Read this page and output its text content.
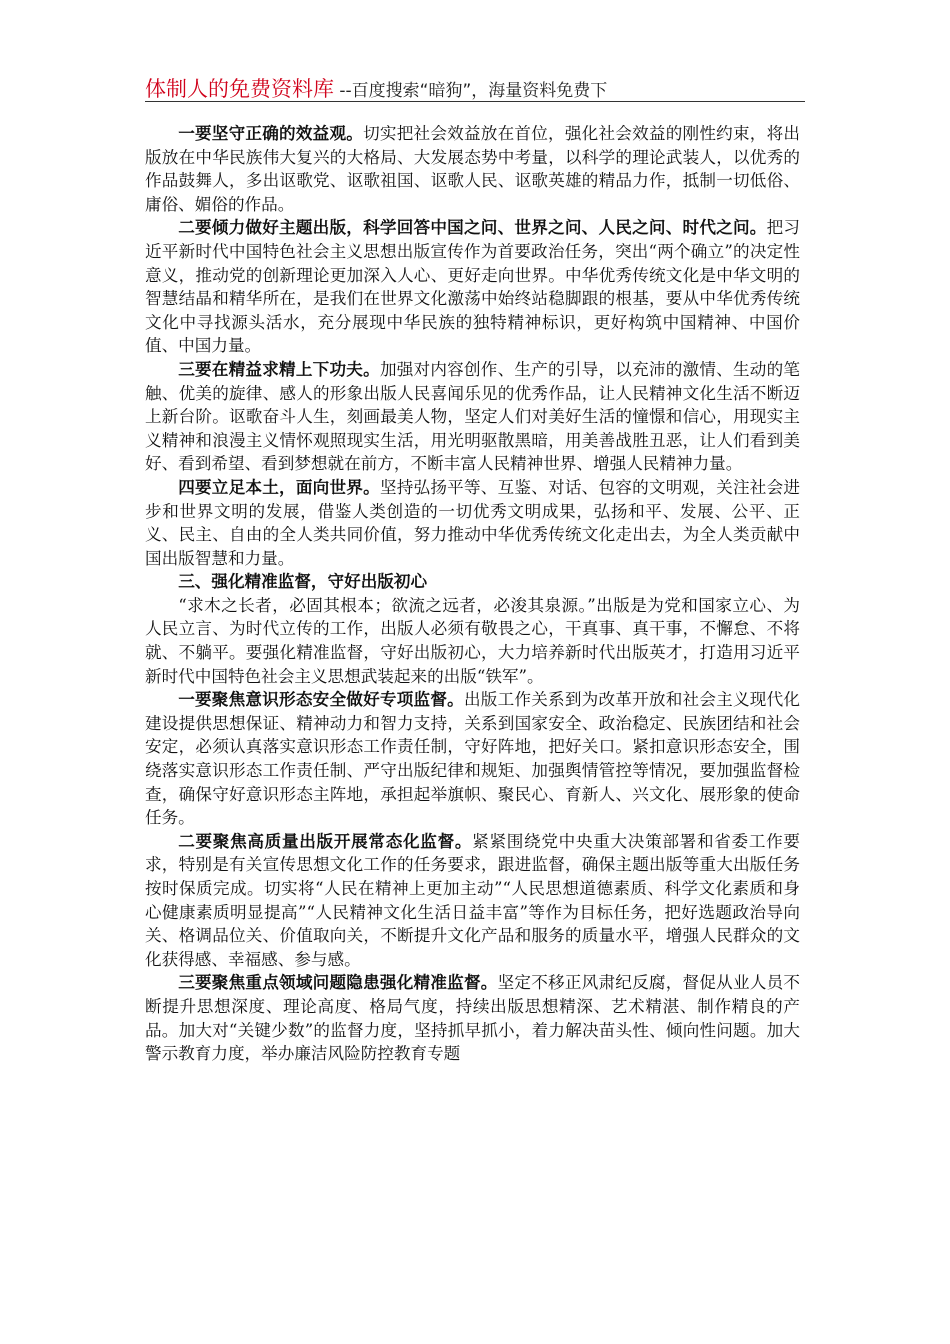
体制人的免费资料库 --百度搜索“暗狗”，海量资料免费下

一要坚守正确的效益观。切实把社会效益放在首位，强化社会效益的刚性约束，将出版放在中华民族伟大复兴的大格局、大发展态势中考量，以科学的理论武装人，以优秀的作品鼓舞人，多出讴歌党、讴歌祖国、讴歌人民、讴歌英雄的精品力作，抵制一切低俗、庸俗、媚俗的作品。

二要倾力做好主题出版，科学回答中国之问、世界之问、人民之问、时代之问。把习近平新时代中国特色社会主义思想出版宣传作为首要政治任务，突出“两个确立”的决定性意义，推动党的创新理论更加深入人心、更好走向世界。中华优秀传统文化是中华文明的智慧结晶和精华所在，是我们在世界文化激荡中始终站稳脚跟的根基，要从中华优秀传统文化中寻找源头活水，充分展现中华民族的独特精神标识，更好构筑中国精神、中国价值、中国力量。

三要在精益求精上下功夫。加强对内容创作、生产的引导，以充沛的激情、生动的笔触、优美的旋律、感人的形象出版人民喜闻乐见的优秀作品，让人民精神文化生活不断迈上新台阶。讴歌奋斗人生，刻画最美人物，坚定人们对美好生活的憧憬和信心，用现实主义精神和浪漫主义情怀观照现实生活，用光明驱散黑暗，用美善战胜丑恶，让人们看到美好、看到希望、看到梦想就在前方，不断丰富人民精神世界、增强人民精神力量。

四要立足本土，面向世界。坚持弘扬平等、互鉴、对话、包容的文明观，关注社会进步和世界文明的发展，借鉴人类创造的一切优秀文明成果，弘扬和平、发展、公平、正义、民主、自由的全人类共同价值，努力推动中华优秀传统文化走出去，为全人类贡献中国出版智慧和力量。

三、强化精准监督，守好出版初心

“求木之长者，必固其根本；欲流之远者，必浚其泉源。”出版是为党和国家立心、为人民立言、为时代立传的工作，出版人必须有敬畏之心，干真事、真干事，不懈怠、不将就、不躺平。要强化精准监督，守好出版初心，大力培养新时代出版英才，打造用习近平新时代中国特色社会主义思想武装起来的出版“铁军”。

一要聚焦意识形态安全做好专项监督。出版工作关系到为改革开放和社会主义现代化建设提供思想保证、精神动力和智力支持，关系到国家安全、政治稳定、民族团结和社会安定，必须认真落实意识形态工作责任制，守好阵地，把好关口。紧扣意识形态安全，围绕落实意识形态工作责任制、严守出版纪律和规矩、加强舆情管控等情况，要加强监督检查，确保守好意识形态主阵地，承担起举旗帜、聚民心、育新人、兴文化、展形象的使命任务。

二要聚焦高质量出版开展常态化监督。紧紧围绕党中央重大决策部署和省委工作要求，特别是有关宣传思想文化工作的任务要求，跟进监督，确保主题出版等重大出版任务按时保质完成。切实将“人民在精神上更加主动”“人民思想道德素质、科学文化素质和身心健康素质明显提高”“人民精神文化生活日益丰富”等作为目标任务，把好选题政治导向关、格调品位关、价值取向关，不断提升文化产品和服务的质量水平，增强人民群众的文化获得感、幸福感、参与感。

三要聚焦重点领域问题隐患强化精准监督。坚定不移正风肃纪反腐，督促从业人员不断提升思想深度、理论高度、格局气度，持续出版思想精深、艺术精湛、制作精良的产品。加大对“关键少数”的监督力度，坚持抓早抓小，着力解决苗头性、倾向性问题。加大警示教育力度，举办廉洁风险防控教育专题
